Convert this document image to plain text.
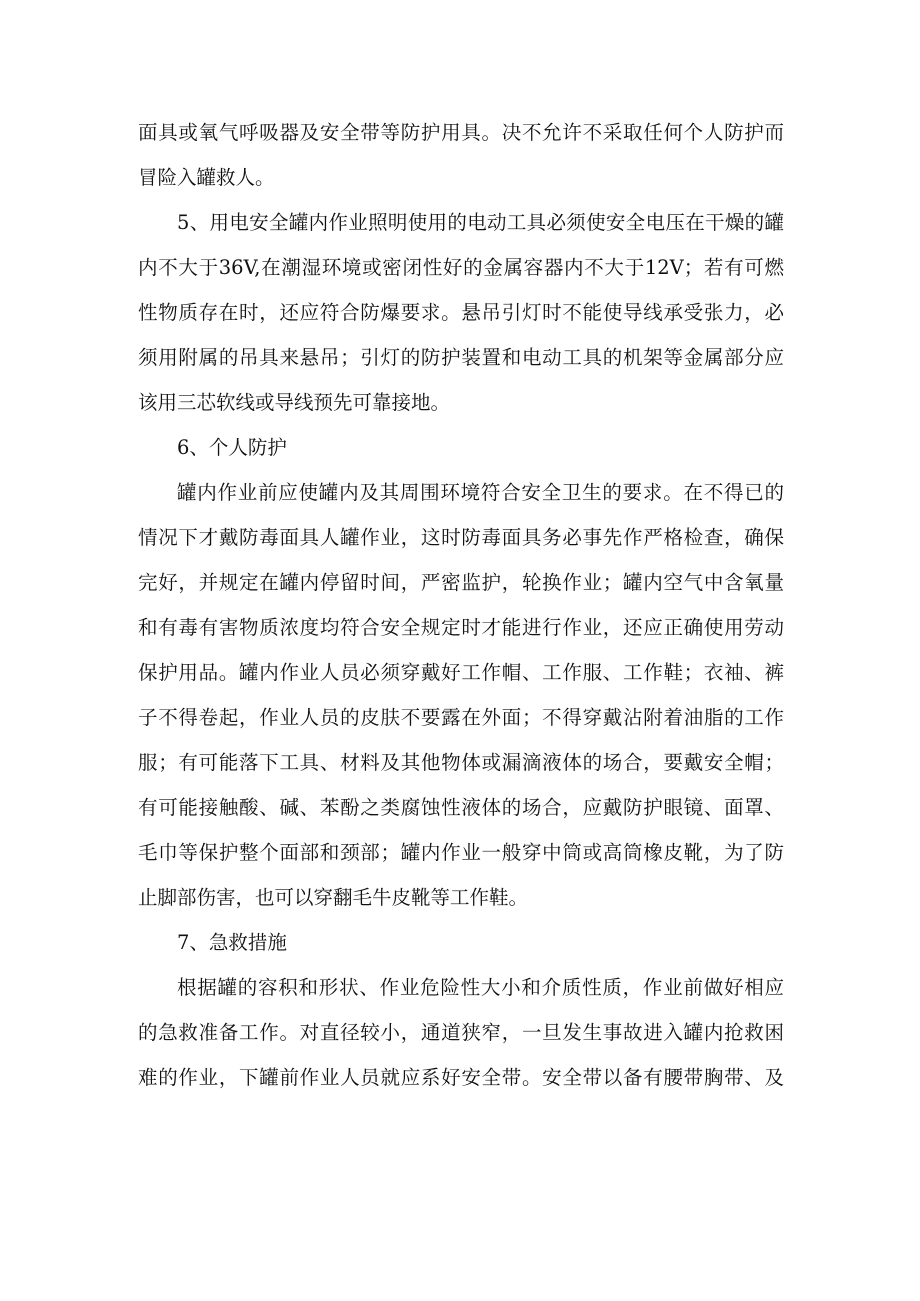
面具或氧气呼吸器及安全带等防护用具。决不允许不采取任何个人防护而
冒险入罐救人。
5、用电安全罐内作业照明使用的电动工具必须使安全电压在干燥的罐
内不大于36V,在潮湿环境或密闭性好的金属容器内不大于12V；若有可燃
性物质存在时，还应符合防爆要求。悬吊引灯时不能使导线承受张力，必
须用附属的吊具来悬吊；引灯的防护装置和电动工具的机架等金属部分应
该用三芯软线或导线预先可靠接地。
6、个人防护
罐内作业前应使罐内及其周围环境符合安全卫生的要求。在不得已的
情况下才戴防毒面具人罐作业，这时防毒面具务必事先作严格检查，确保
完好，并规定在罐内停留时间，严密监护，轮换作业；罐内空气中含氧量
和有毒有害物质浓度均符合安全规定时才能进行作业，还应正确使用劳动
保护用品。罐内作业人员必须穿戴好工作帽、工作服、工作鞋；衣袖、裤
子不得卷起，作业人员的皮肤不要露在外面；不得穿戴沾附着油脂的工作
服；有可能落下工具、材料及其他物体或漏滴液体的场合，要戴安全帽；
有可能接触酸、碱、苯酚之类腐蚀性液体的场合，应戴防护眼镜、面罩、
毛巾等保护整个面部和颈部；罐内作业一般穿中筒或高筒橡皮靴，为了防
止脚部伤害，也可以穿翻毛牛皮靴等工作鞋。
7、急救措施
根据罐的容积和形状、作业危险性大小和介质性质，作业前做好相应
的急救准备工作。对直径较小，通道狭窄，一旦发生事故进入罐内抢救困
难的作业，下罐前作业人员就应系好安全带。安全带以备有腰带胸带、及
